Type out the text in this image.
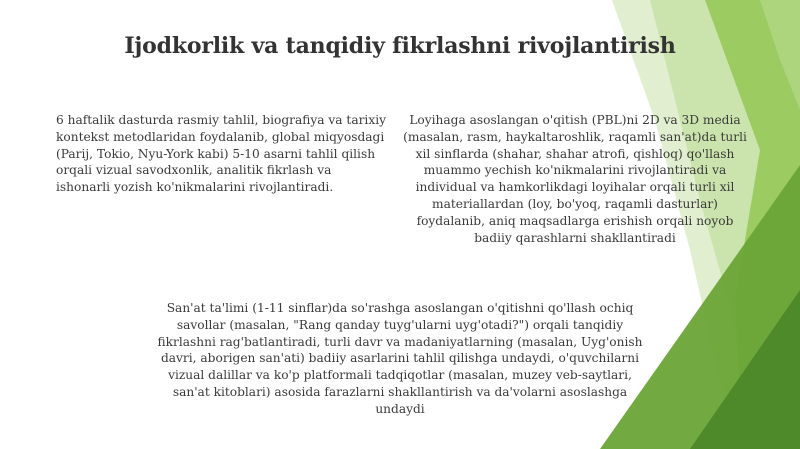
Ijodkorlik va tanqidiy fikrlashni rivojlantirish
6 haftalik dasturda rasmiy tahlil, biografiya va tarixiy kontekst metodlaridan foydalanib, global miqyosdagi (Parij, Tokio, Nyu-York kabi) 5-10 asarni tahlil qilish orqali vizual savodxonlik, analitik fikrlash va ishonarli yozish ko'nikmalarini rivojlantiradi.
Loyihaga asoslangan o'qitish (PBL)ni 2D va 3D media (masalan, rasm, haykaltaroshlik, raqamli san'at)da turli xil sinflarda (shahar, shahar atrofi, qishloq) qo'llash muammo yechish ko'nikmalarini rivojlantiradi va individual va hamkorlikdagi loyihalar orqali turli xil materiallardan (loy, bo'yoq, raqamli dasturlar) foydalanib, aniq maqsadlarga erishish orqali noyob badiiy qarashlarni shakllantiradi
San'at ta'limi (1-11 sinflar)da so'rashga asoslangan o'qitishni qo'llash ochiq savollar (masalan, "Rang qanday tuyg'ularni uyg'otadi?") orqali tanqidiy fikrlashni rag'batlantiradi, turli davr va madaniyatlarning (masalan, Uyg'onish davri, aborigen san'ati) badiiy asarlarini tahlil qilishga undaydi, o'quvchilarni vizual dalillar va ko'p platformali tadqiqotlar (masalan, muzey veb-saytlari, san'at kitoblari) asosida farazlarni shakllantirish va da'volarni asoslashga undaydi
